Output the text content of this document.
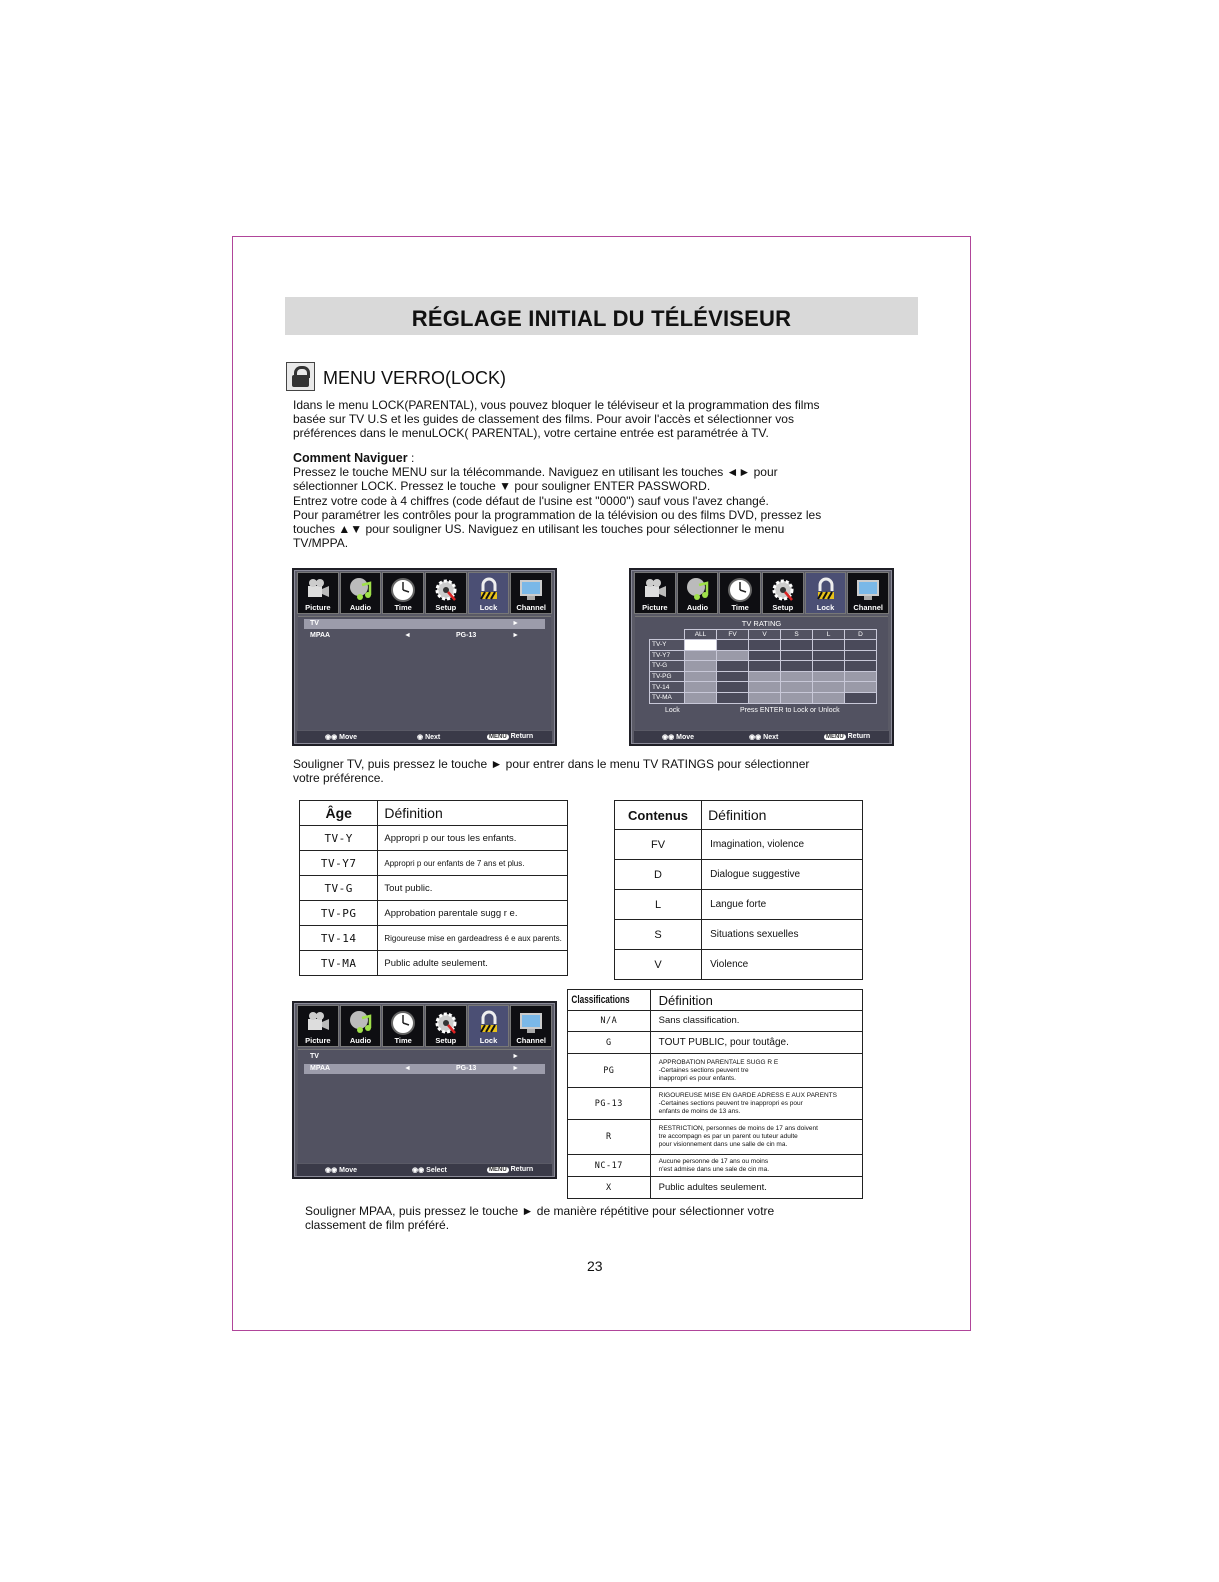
RÉGLAGE INITIAL DU TÉLÉVISEUR
MENU VERRO(LOCK)
Idans le menu LOCK(PARENTAL), vous pouvez bloquer le téléviseur et la programmation des films
basée sur TV U.S et les guides de classement des films. Pour avoir l'accès et sélectionner vos
préférences dans le menuLOCK( PARENTAL), votre certaine entrée est paramétrée à TV.
Comment Naviguer :
Pressez le touche MENU sur la télécommande. Naviguez en utilisant les touches ◄► pour
sélectionner LOCK. Pressez le touche ▼ pour souligner ENTER PASSWORD.
Entrez votre code à 4 chiffres (code défaut de l'usine est "0000") sauf vous l'avez changé.
Pour paramétrer les contrôles pour la programmation de la télévision ou des films DVD, pressez les
touches ▲▼ pour souligner US. Naviguez en utilisant les touches pour sélectionner le menu
TV/MPPA.
Picture	Audio	Time	Setup	Lock	Channel
TV	►
MPAA	◄	PG-13	►
◉◉ Move	◉ Next	MENU Return
Picture	Audio	Time	Setup	Lock	Channel
TV RATING
	ALL	FV	V	S	L	D
TV-Y						
TV-Y7						
TV-G						
TV-PG						
TV-14						
TV-MA						
Lock	Press ENTER to Lock or Unlock
◉◉ Move	◉◉ Next	MENU Return
Souligner TV, puis pressez le touche ► pour entrer dans le menu TV RATINGS pour sélectionner
votre préférence.
Âge	Définition
TV-Y	Appropri p our tous les enfants.
TV-Y7	Appropri p our enfants de 7 ans et plus.
TV-G	Tout public.
TV-PG	Approbation parentale sugg r e.
TV-14	Rigoureuse mise en gardeadress é e aux parents.
TV-MA	Public adulte seulement.
Contenus	Définition
FV	Imagination, violence
D	Dialogue suggestive
L	Langue forte
S	Situations sexuelles
V	Violence
Picture	Audio	Time	Setup	Lock	Channel
TV	►
MPAA	◄	PG-13	►
◉◉ Move	◉◉ Select	MENU Return
Classifications	Définition
N/A	Sans classification.

G	TOUT PUBLIC, pour toutâge.

PG	APPROBATION PARENTALE SUGG R E
-Certaines sections peuvent tre
inappropri es pour enfants.

PG-13	RIGOUREUSE MISE EN GARDE ADRESS E AUX PARENTS
-Certaines sections peuvent tre inappropri es pour
enfants de moins de 13 ans.

R	RESTRICTION, personnes de moins de 17 ans doivent
tre accompagn es par un parent ou tuteur adulte
pour visionnement dans une salle de cin ma.

NC-17	Aucune personne de 17 ans ou moins
n'est admise dans une sale de cin ma.

X	Public adultes seulement.
Souligner MPAA, puis pressez le touche ► de manière répétitive pour sélectionner votre
classement de film préféré.
23
